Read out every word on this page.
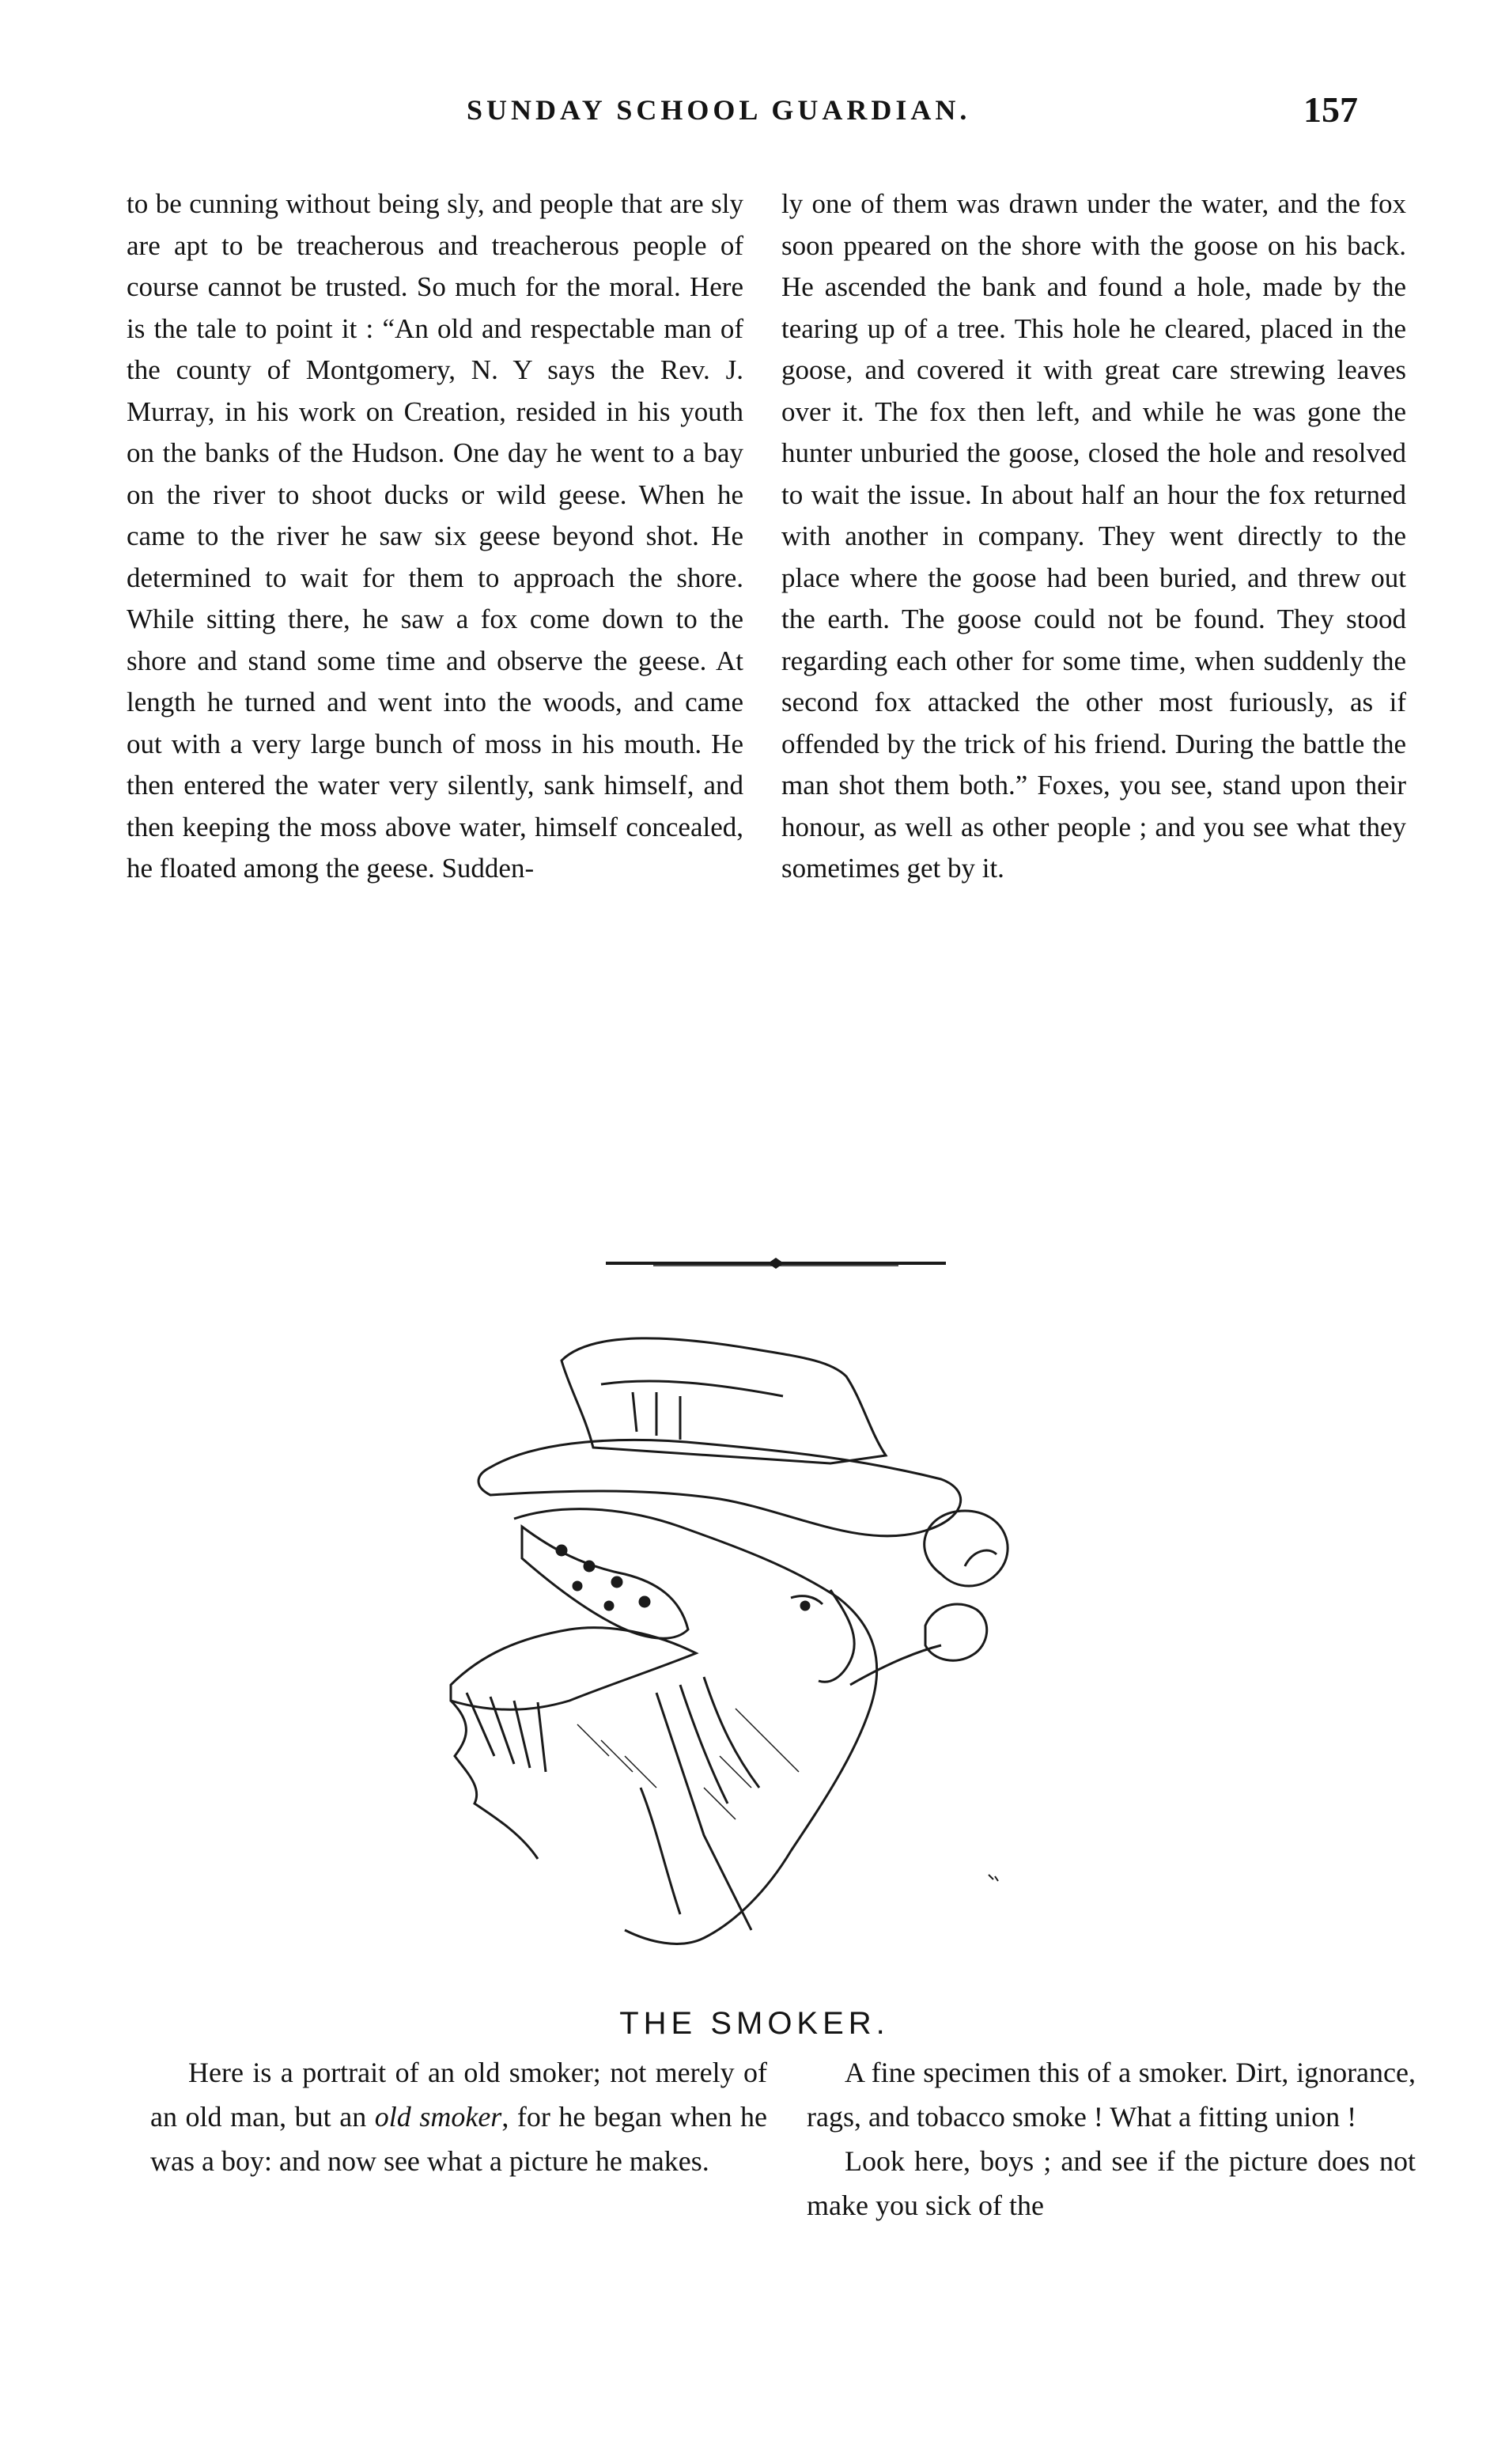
SUNDAY SCHOOL GUARDIAN.	157

to be cunning without being sly, and people that are sly are apt to be treacherous and treacherous people of course cannot be trusted. So much for the moral. Here is the tale to point it : “An old and respectable man of the county of Montgomery, N. Y says the Rev. J. Murray, in his work on Creation, resided in his youth on the banks of the Hudson. One day he went to a bay on the river to shoot ducks or wild geese. When he came to the river he saw six geese beyond shot. He determined to wait for them to approach the shore. While sitting there, he saw a fox come down to the shore and stand some time and observe the geese. At length he turned and went into the woods, and came out with a very large bunch of moss in his mouth. He then entered the water very silently, sank himself, and then keeping the moss above water, himself concealed, he floated among the geese. Sudden-

ly one of them was drawn under the water, and the fox soon ppeared on the shore with the goose on his back. He ascended the bank and found a hole, made by the tearing up of a tree. This hole he cleared, placed in the goose, and covered it with great care strewing leaves over it. The fox then left, and while he was gone the hunter unburied the goose, closed the hole and resolved to wait the issue. In about half an hour the fox returned with another in company. They went directly to the place where the goose had been buried, and threw out the earth. The goose could not be found. They stood regarding each other for some time, when suddenly the second fox attacked the other most furiously, as if offended by the trick of his friend. During the battle the man shot them both.” Foxes, you see, stand upon their honour, as well as other people ; and you see what they sometimes get by it.

THE SMOKER.

Here is a portrait of an old smoker; not merely of an old man, but an old smoker, for he began when he was a boy: and now see what a picture he makes.

A fine specimen this of a smoker. Dirt, ignorance, rags, and tobacco smoke ! What a fitting union !
Look here, boys ; and see if the picture does not make you sick of the
